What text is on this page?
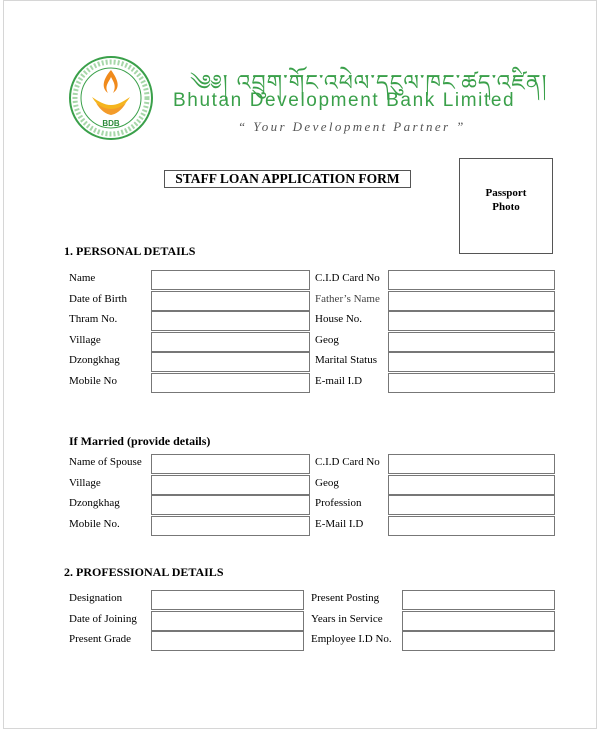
BDB
༄༅། འབྲུག་གོང་འཕེལ་དངུལ་ཁང་ཚད་འཛིན།
Bhutan Development Bank Limited
“ Your Development Partner ”
STAFF LOAN APPLICATION FORM
Passport
Photo
1. PERSONAL DETAILS
Name	C.I.D Card No
Date of Birth	Father’s Name
Thram No.	House No.
Village	Geog
Dzongkhag	Marital Status
Mobile No	E-mail I.D
If Married (provide details)
Name of Spouse	C.I.D Card No
Village	Geog
Dzongkhag	Profession
Mobile No.	E-Mail I.D
2. PROFESSIONAL DETAILS
Designation	Present Posting
Date of Joining	Years in Service
Present Grade	Employee I.D No.
